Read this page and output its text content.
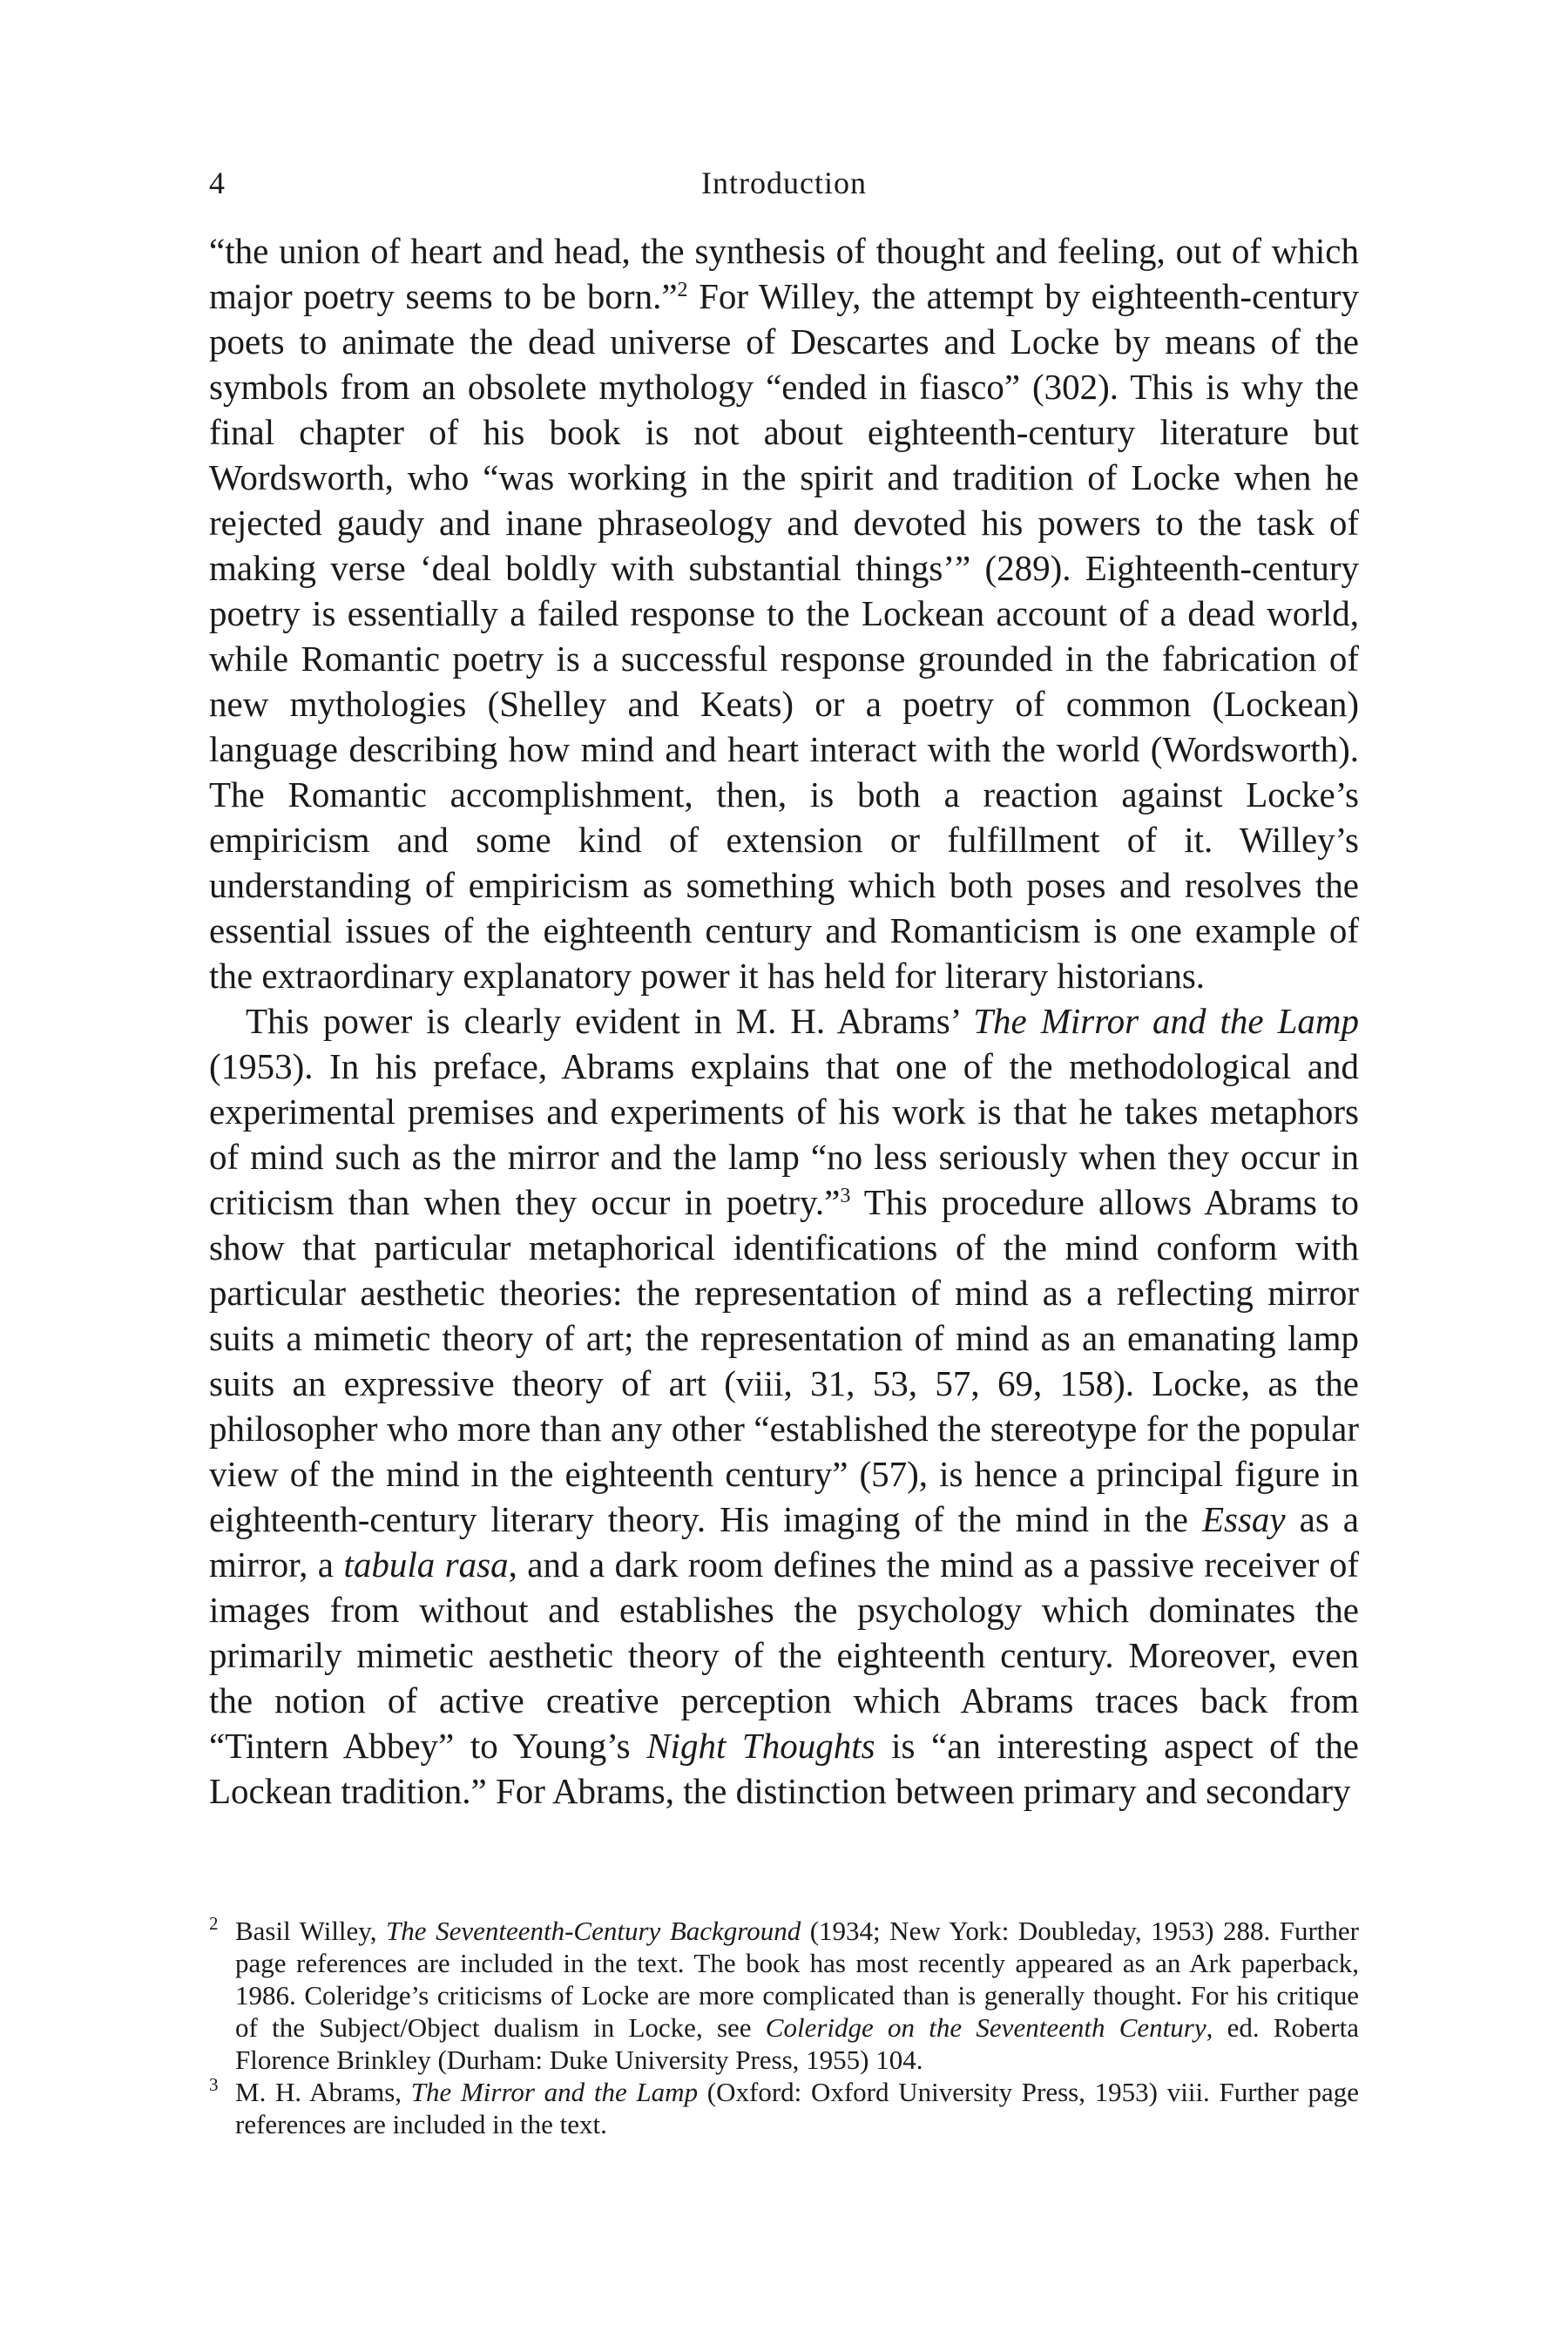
4	Introduction

“the union of heart and head, the synthesis of thought and feeling, out of which major poetry seems to be born.”$^2$ For Willey, the attempt by eighteenth-century poets to animate the dead universe of Descartes and Locke by means of the symbols from an obsolete mythology “ended in fiasco” (302). This is why the final chapter of his book is not about eighteenth-century literature but Wordsworth, who “was working in the spirit and tradition of Locke when he rejected gaudy and inane phraseology and devoted his powers to the task of making verse ‘deal boldly with substantial things’” (289). Eighteenth-century poetry is essentially a failed response to the Lockean account of a dead world, while Romantic poetry is a successful response grounded in the fabrication of new mythologies (Shelley and Keats) or a poetry of common (Lockean) language describing how mind and heart interact with the world (Wordsworth). The Romantic accomplishment, then, is both a reaction against Locke’s empiricism and some kind of extension or fulfillment of it. Willey’s understanding of empiricism as something which both poses and resolves the essential issues of the eighteenth century and Romanticism is one example of the extraordinary explanatory power it has held for literary historians.

This power is clearly evident in M. H. Abrams’ The Mirror and the Lamp (1953). In his preface, Abrams explains that one of the methodological and experimental premises and experiments of his work is that he takes metaphors of mind such as the mirror and the lamp “no less seriously when they occur in criticism than when they occur in poetry.”$^3$ This procedure allows Abrams to show that particular metaphorical identifications of the mind conform with particular aesthetic theories: the representation of mind as a reflecting mirror suits a mimetic theory of art; the representation of mind as an emanating lamp suits an expressive theory of art (viii, 31, 53, 57, 69, 158). Locke, as the philosopher who more than any other “established the stereotype for the popular view of the mind in the eighteenth century” (57), is hence a principal figure in eighteenth-century literary theory. His imaging of the mind in the Essay as a mirror, a tabula rasa, and a dark room defines the mind as a passive receiver of images from without and establishes the psychology which dominates the primarily mimetic aesthetic theory of the eighteenth century. Moreover, even the notion of active creative perception which Abrams traces back from “Tintern Abbey” to Young’s Night Thoughts is “an interesting aspect of the Lockean tradition.” For Abrams, the distinction between primary and secondary

2 Basil Willey, The Seventeenth-Century Background (1934; New York: Doubleday, 1953) 288. Further page references are included in the text. The book has most recently appeared as an Ark paperback, 1986. Coleridge’s criticisms of Locke are more complicated than is generally thought. For his critique of the Subject/Object dualism in Locke, see Coleridge on the Seventeenth Century, ed. Roberta Florence Brinkley (Durham: Duke University Press, 1955) 104.

3 M. H. Abrams, The Mirror and the Lamp (Oxford: Oxford University Press, 1953) viii. Further page references are included in the text.
